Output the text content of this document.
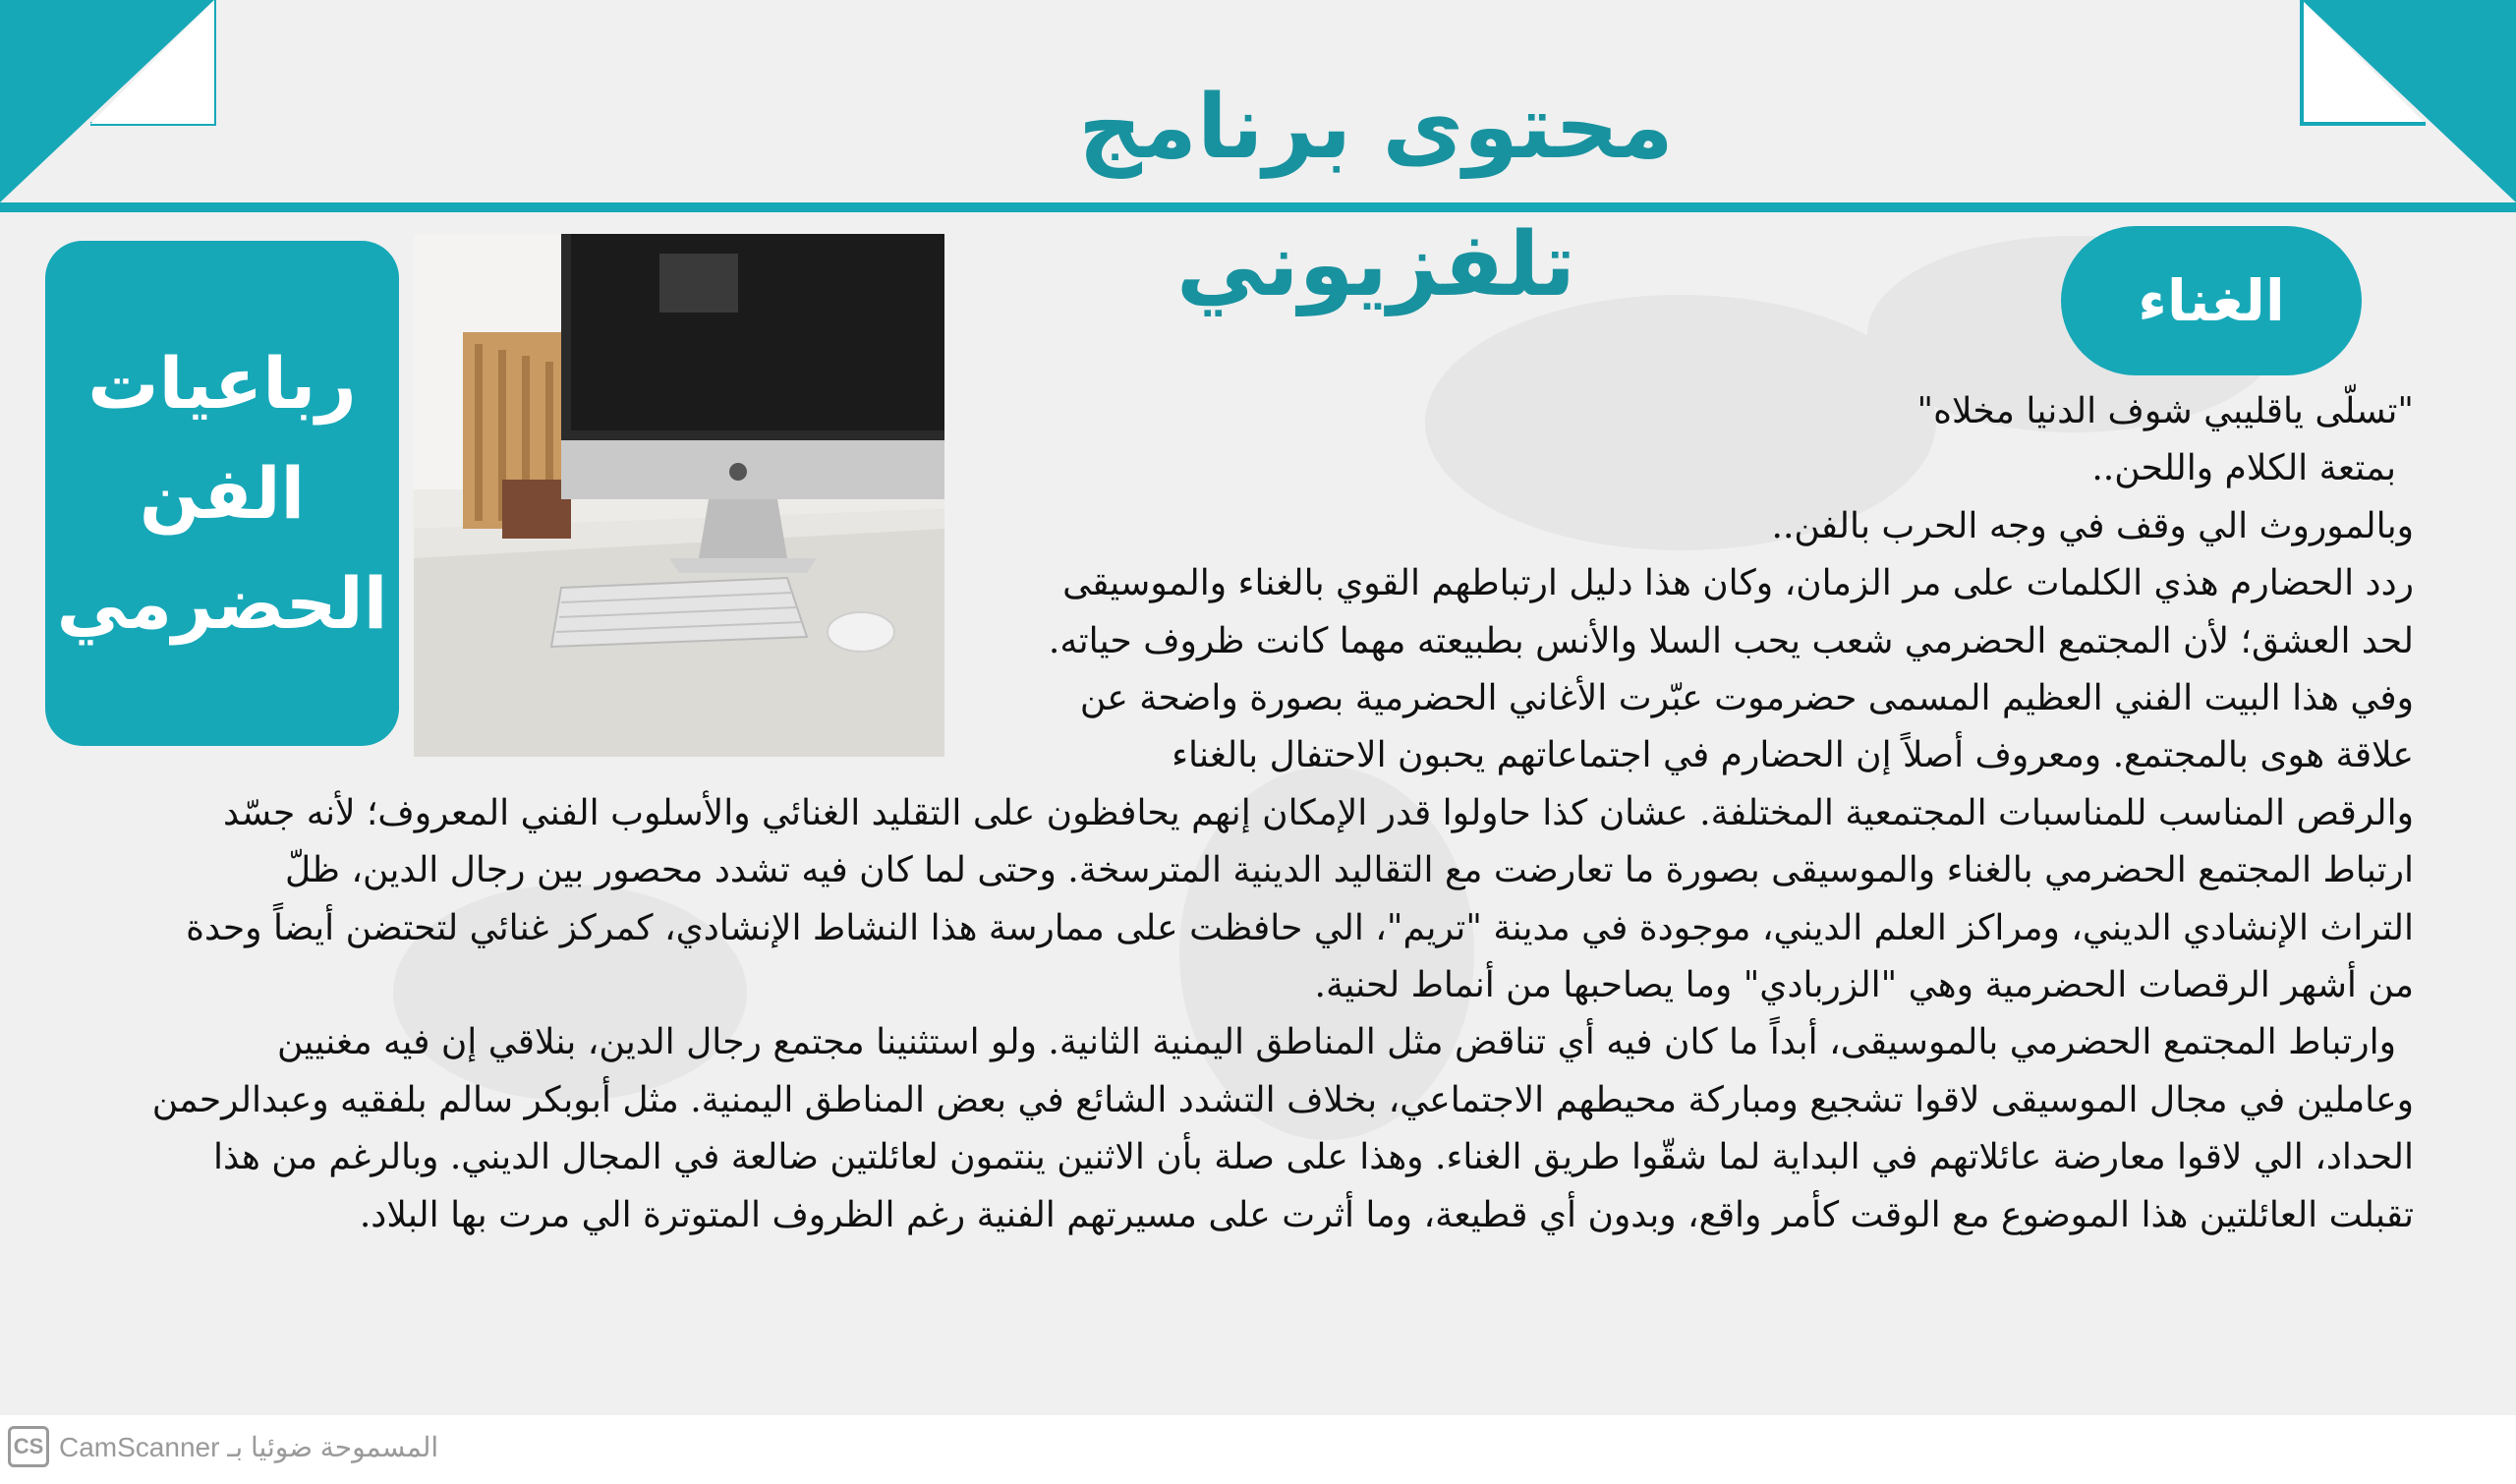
محتوى برنامج تلفزيوني

رباعيات
الفن
الحضرمي

الغناء
"تسلّى ياقليبي شوف الدنيا مخلاه"
بمتعة الكلام واللحن..
وبالموروث الي وقف في وجه الحرب بالفن..
ردد الحضارم هذي الكلمات على مر الزمان، وكان هذا دليل ارتباطهم القوي بالغناء والموسيقى
لحد العشق؛ لأن المجتمع الحضرمي شعب يحب السلا والأنس بطبيعته مهما كانت ظروف حياته.
وفي هذا البيت الفني العظيم المسمى حضرموت عبّرت الأغاني الحضرمية بصورة واضحة عن
علاقة هوى بالمجتمع. ومعروف أصلاً إن الحضارم في اجتماعاتهم يحبون الاحتفال بالغناء
والرقص المناسب للمناسبات المجتمعية المختلفة. عشان كذا حاولوا قدر الإمكان إنهم يحافظون على التقليد الغنائي والأسلوب الفني المعروف؛ لأنه جسّد
ارتباط المجتمع الحضرمي بالغناء والموسيقى بصورة ما تعارضت مع التقاليد الدينية المترسخة. وحتى لما كان فيه تشدد محصور بين رجال الدين، ظلّ
التراث الإنشادي الديني، ومراكز العلم الديني، موجودة في مدينة "تريم"، الي حافظت على ممارسة هذا النشاط الإنشادي، كمركز غنائي لتحتضن أيضاً وحدة
من أشهر الرقصات الحضرمية وهي "الزربادي" وما يصاحبها من أنماط لحنية.
وارتباط المجتمع الحضرمي بالموسيقى، أبداً ما كان فيه أي تناقض مثل المناطق اليمنية الثانية. ولو استثنينا مجتمع رجال الدين، بنلاقي إن فيه مغنيين
وعاملين في مجال الموسيقى لاقوا تشجيع ومباركة محيطهم الاجتماعي، بخلاف التشدد الشائع في بعض المناطق اليمنية. مثل أبوبكر سالم بلفقيه وعبدالرحمن
الحداد، الي لاقوا معارضة عائلاتهم في البداية لما شقّوا طريق الغناء. وهذا على صلة بأن الاثنين ينتمون لعائلتين ضالعة في المجال الديني. وبالرغم من هذا
تقبلت العائلتين هذا الموضوع مع الوقت كأمر واقع، وبدون أي قطيعة، وما أثرت على مسيرتهم الفنية رغم الظروف المتوترة الي مرت بها البلاد.
CS CamScanner المسموحة ضوئيا بـ
